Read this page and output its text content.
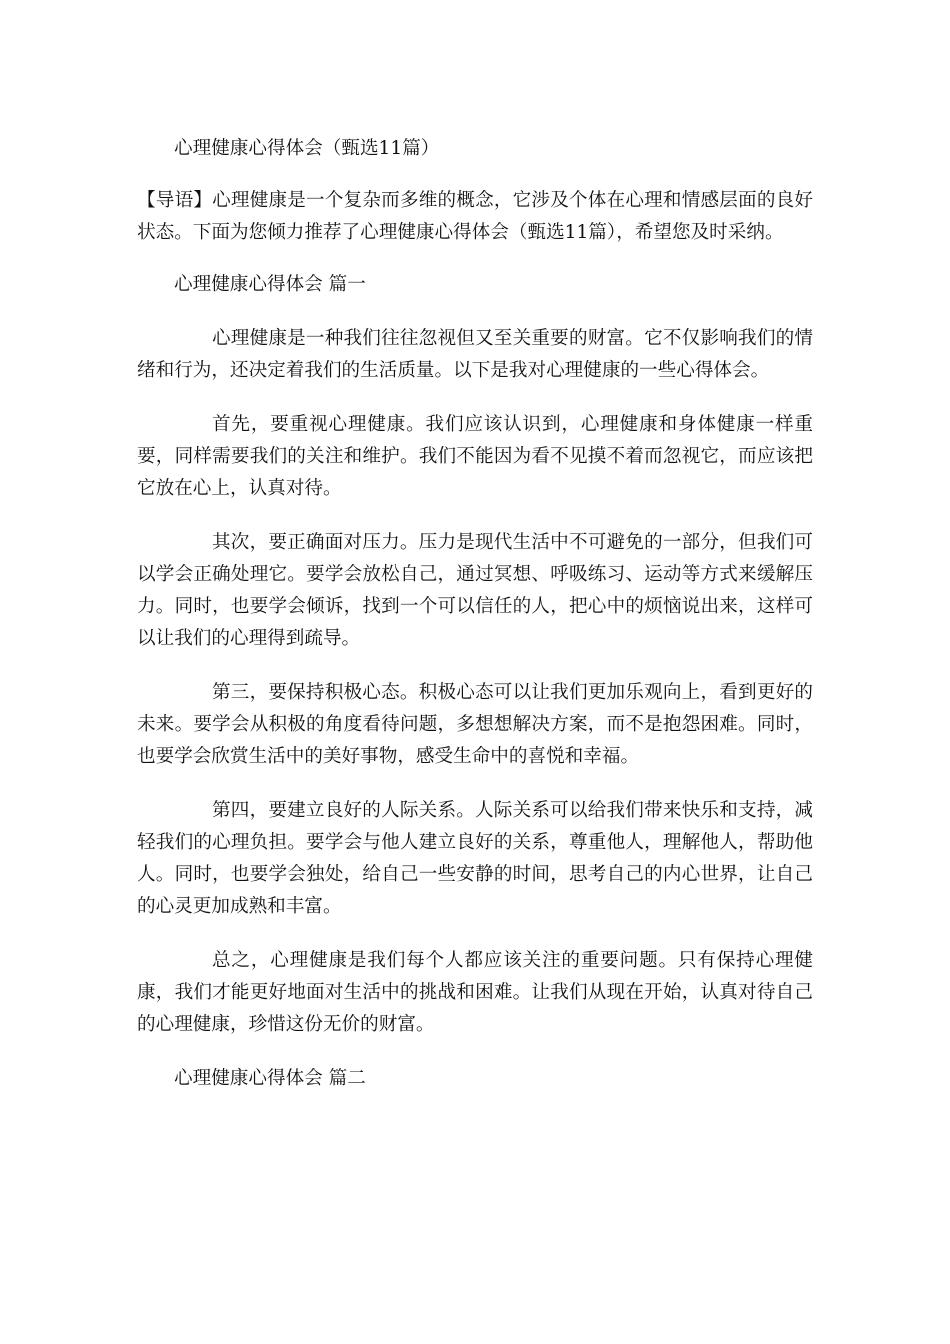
心理健康心得体会（甄选11篇）

【导语】心理健康是一个复杂而多维的概念，它涉及个体在心理和情感层面的良好状态。下面为您倾力推荐了心理健康心得体会（甄选11篇），希望您及时采纳。

心理健康心得体会 篇一

心理健康是一种我们往往忽视但又至关重要的财富。它不仅影响我们的情绪和行为，还决定着我们的生活质量。以下是我对心理健康的一些心得体会。

首先，要重视心理健康。我们应该认识到，心理健康和身体健康一样重要，同样需要我们的关注和维护。我们不能因为看不见摸不着而忽视它，而应该把它放在心上，认真对待。

其次，要正确面对压力。压力是现代生活中不可避免的一部分，但我们可以学会正确处理它。要学会放松自己，通过冥想、呼吸练习、运动等方式来缓解压力。同时，也要学会倾诉，找到一个可以信任的人，把心中的烦恼说出来，这样可以让我们的心理得到疏导。

第三，要保持积极心态。积极心态可以让我们更加乐观向上，看到更好的未来。要学会从积极的角度看待问题，多想想解决方案，而不是抱怨困难。同时，也要学会欣赏生活中的美好事物，感受生命中的喜悦和幸福。

第四，要建立良好的人际关系。人际关系可以给我们带来快乐和支持，减轻我们的心理负担。要学会与他人建立良好的关系，尊重他人，理解他人，帮助他人。同时，也要学会独处，给自己一些安静的时间，思考自己的内心世界，让自己的心灵更加成熟和丰富。

总之，心理健康是我们每个人都应该关注的重要问题。只有保持心理健康，我们才能更好地面对生活中的挑战和困难。让我们从现在开始，认真对待自己的心理健康，珍惜这份无价的财富。

心理健康心得体会 篇二
